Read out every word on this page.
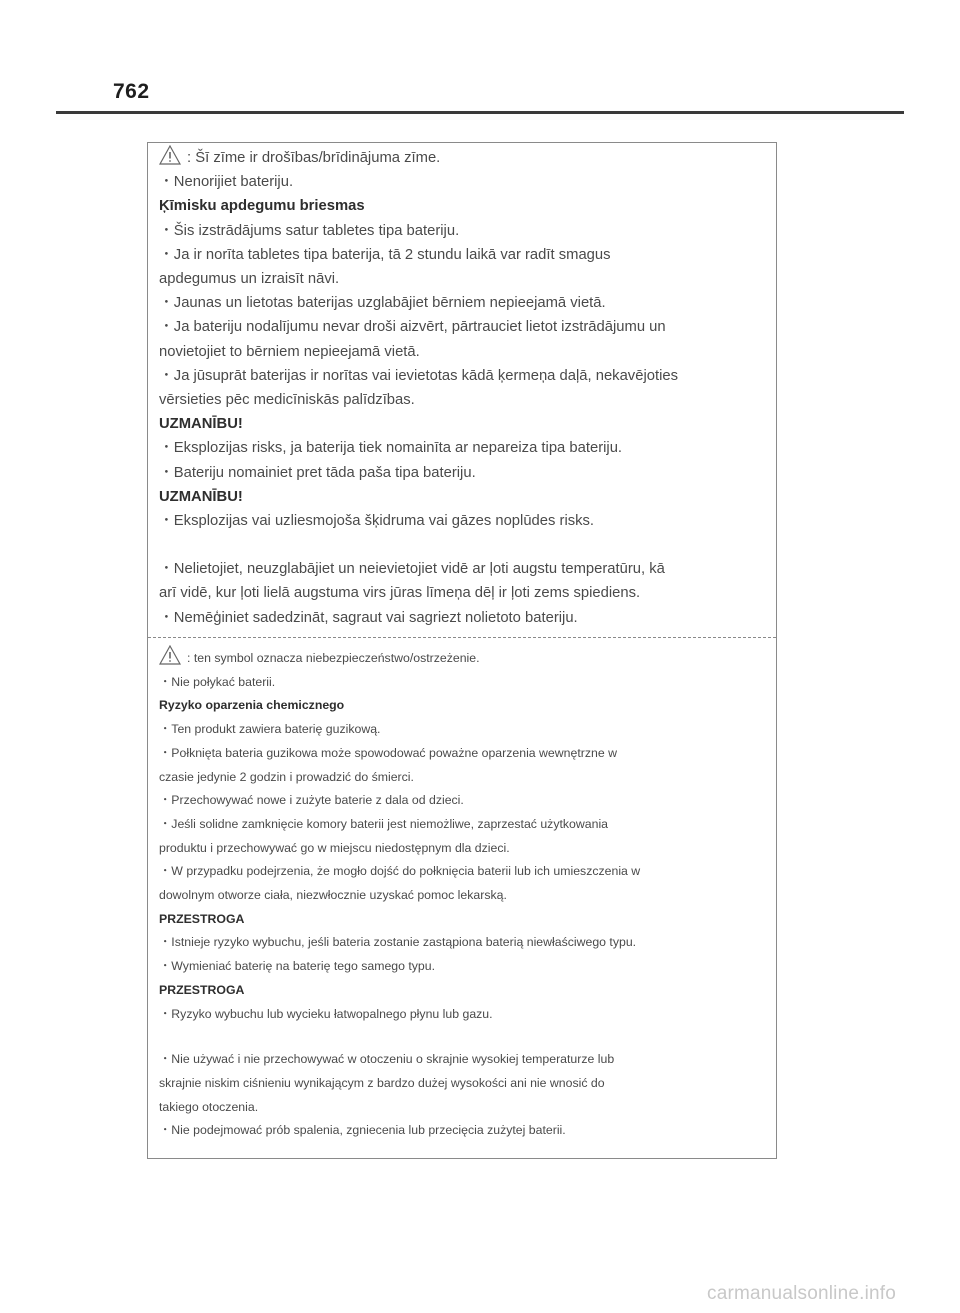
762

: Šī zīme ir drošības/brīdinājuma zīme.

・Nenorijiet bateriju.

Ķīmisku apdegumu briesmas

・Šis izstrādājums satur tabletes tipa bateriju.

・Ja ir norīta tabletes tipa baterija, tā 2 stundu laikā var radīt smagus

apdegumus un izraisīt nāvi.

・Jaunas un lietotas baterijas uzglabājiet bērniem nepieejamā vietā.

・Ja bateriju nodalījumu nevar droši aizvērt, pārtrauciet lietot izstrādājumu un

novietojiet to bērniem nepieejamā vietā.

・Ja jūsuprāt baterijas ir norītas vai ievietotas kādā ķermeņa daļā, nekavējoties

vērsieties pēc medicīniskās palīdzības.

UZMANĪBU!

・Eksplozijas risks, ja baterija tiek nomainīta ar nepareiza tipa bateriju.

・Bateriju nomainiet pret tāda paša tipa bateriju.

UZMANĪBU!

・Eksplozijas vai uzliesmojoša šķidruma vai gāzes noplūdes risks.

・Nelietojiet, neuzglabājiet un neievietojiet vidē ar ļoti augstu temperatūru, kā

arī vidē, kur ļoti lielā augstuma virs jūras līmeņa dēļ ir ļoti zems spiediens.

・Nemēģiniet sadedzināt, sagraut vai sagriezt nolietoto bateriju.

: ten symbol oznacza niebezpieczeństwo/ostrzeżenie.

・Nie połykać baterii.

Ryzyko oparzenia chemicznego

・Ten produkt zawiera baterię guzikową.

・Połknięta bateria guzikowa może spowodować poważne oparzenia wewnętrzne w

czasie jedynie 2 godzin i prowadzić do śmierci.

・Przechowywać nowe i zużyte baterie z dala od dzieci.

・Jeśli solidne zamknięcie komory baterii jest niemożliwe, zaprzestać użytkowania

produktu i przechowywać go w miejscu niedostępnym dla dzieci.

・W przypadku podejrzenia, że mogło dojść do połknięcia baterii lub ich umieszczenia w

dowolnym otworze ciała, niezwłocznie uzyskać pomoc lekarską.

PRZESTROGA

・Istnieje ryzyko wybuchu, jeśli bateria zostanie zastąpiona baterią niewłaściwego typu.

・Wymieniać baterię na baterię tego samego typu.

PRZESTROGA

・Ryzyko wybuchu lub wycieku łatwopalnego płynu lub gazu.

・Nie używać i nie przechowywać w otoczeniu o skrajnie wysokiej temperaturze lub

skrajnie niskim ciśnieniu wynikającym z bardzo dużej wysokości ani nie wnosić do

takiego otoczenia.

・Nie podejmować prób spalenia, zgniecenia lub przecięcia zużytej baterii.

carmanualsonline.info
